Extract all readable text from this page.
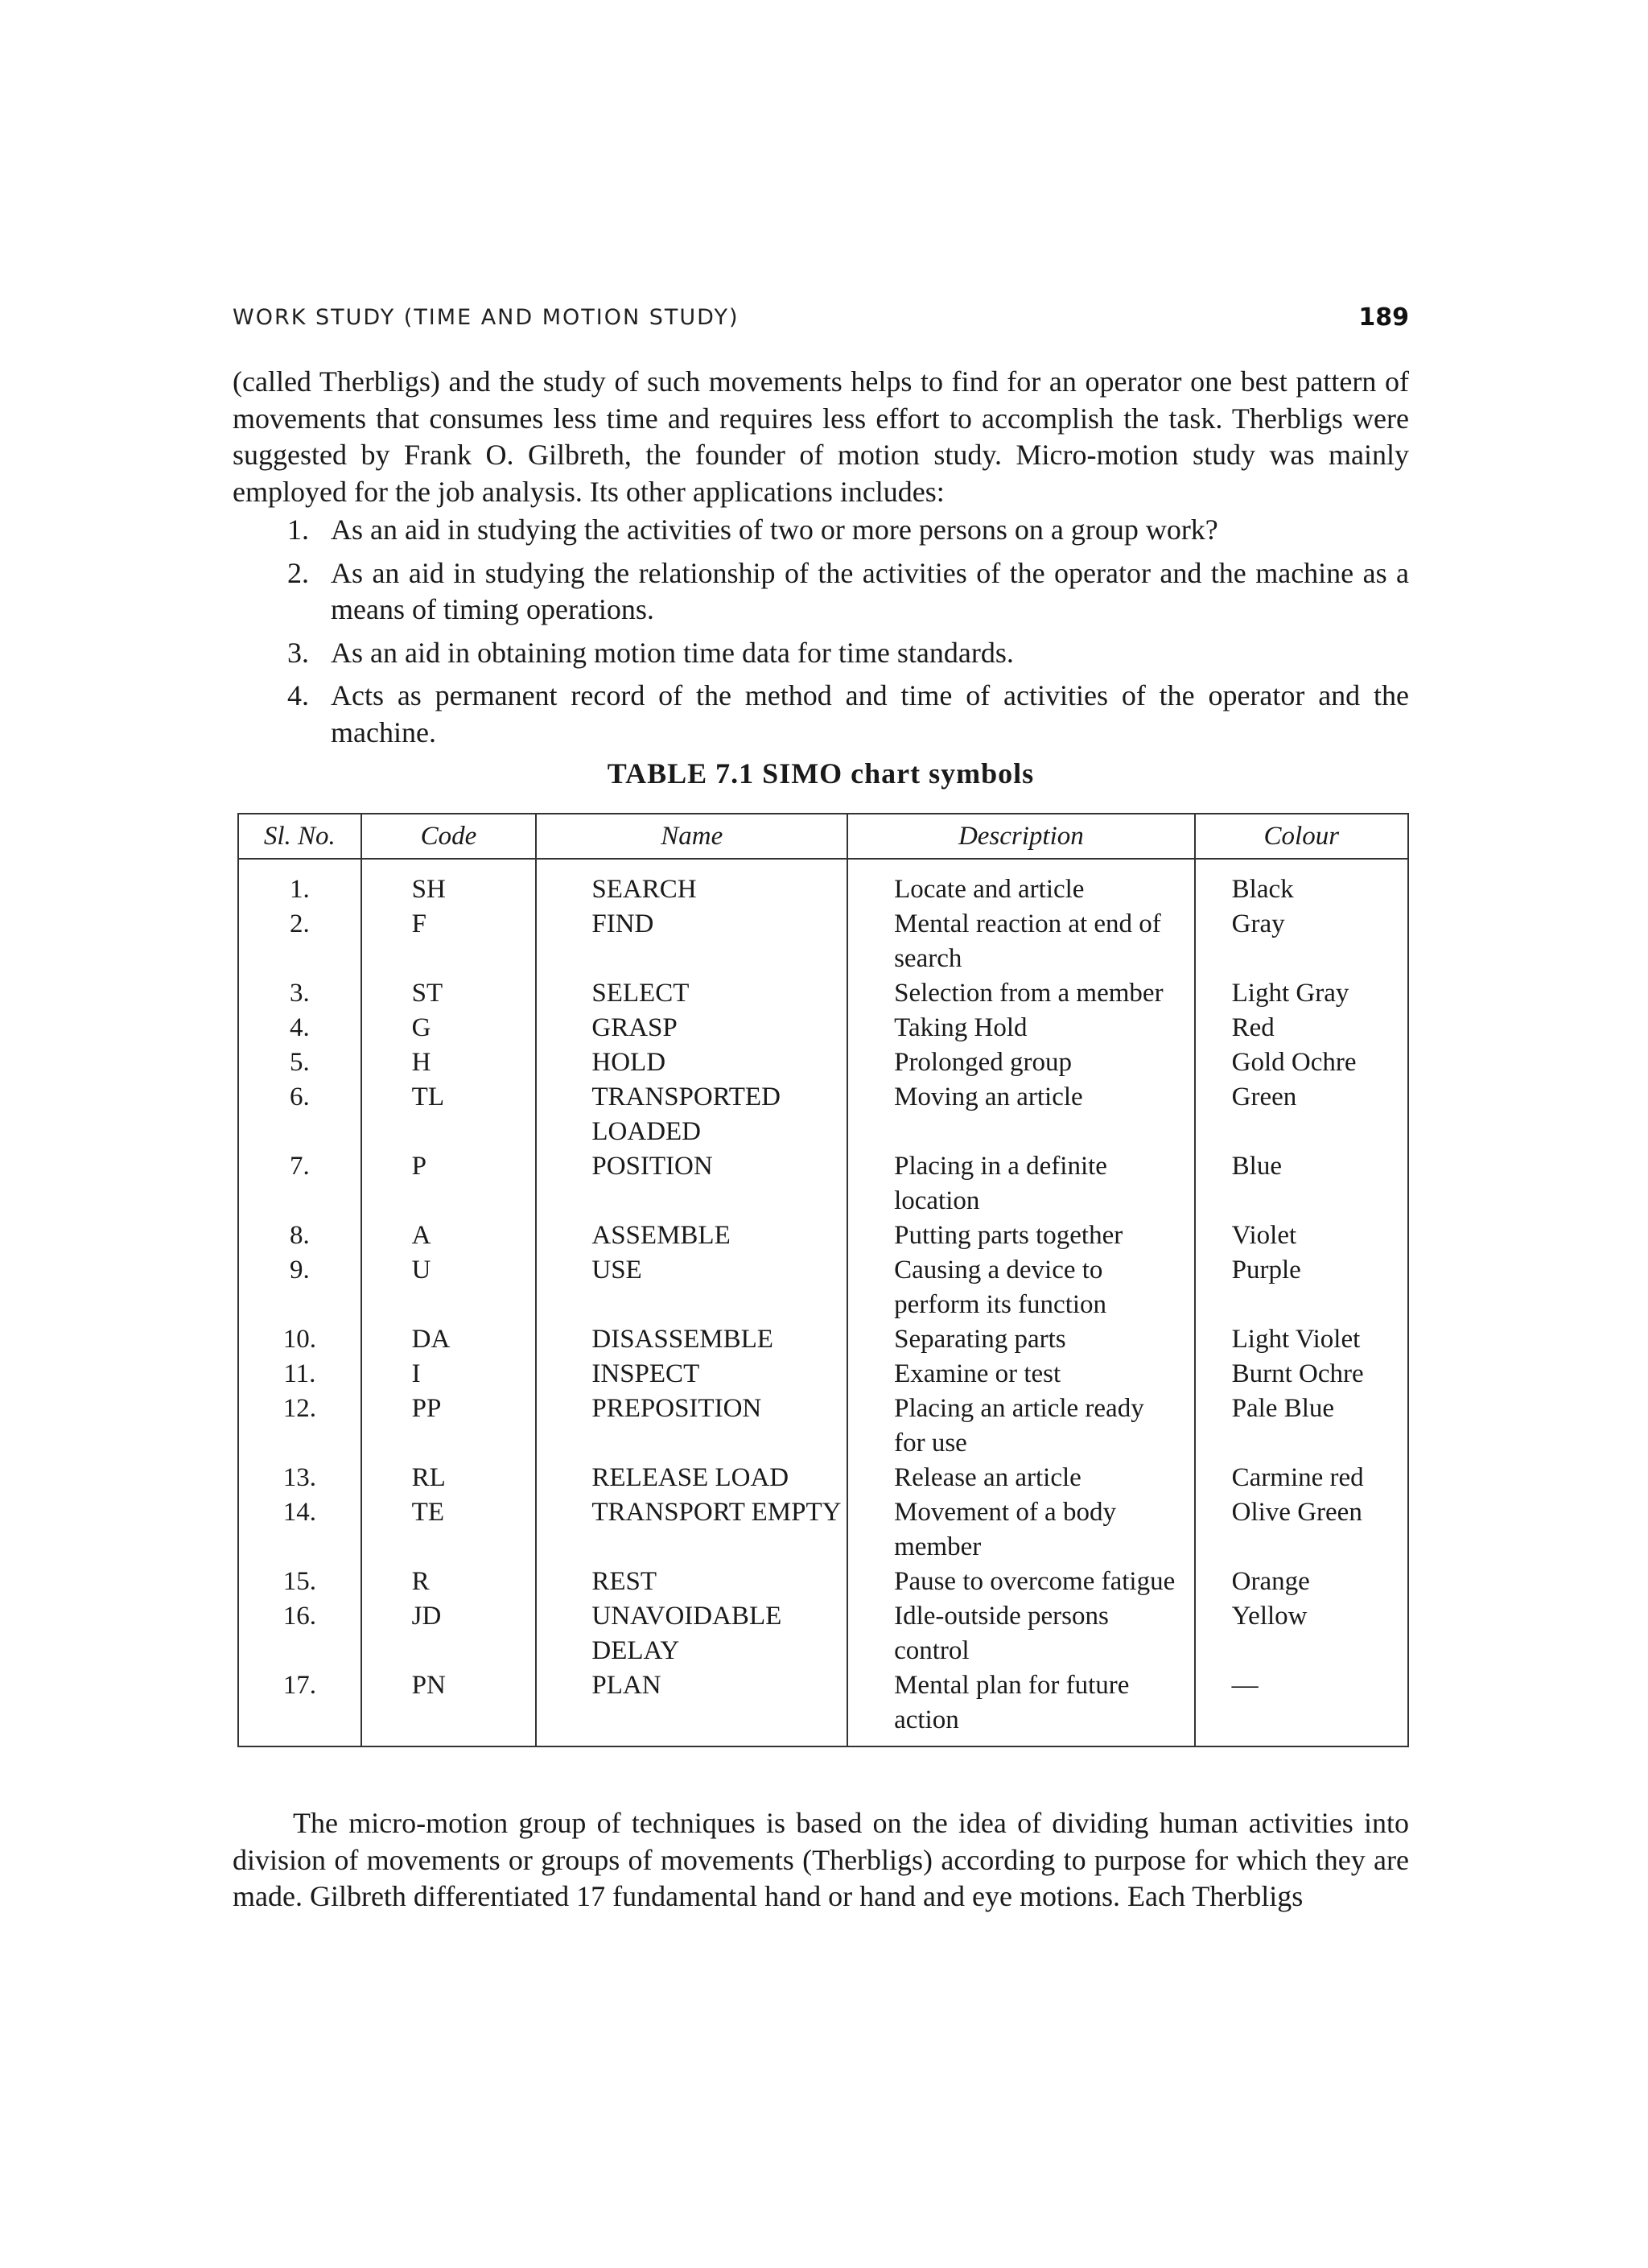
WORK STUDY (TIME AND MOTION STUDY)	189

(called Therbligs) and the study of such movements helps to find for an operator one best pattern of movements that consumes less time and requires less effort to accomplish the task. Therbligs were suggested by Frank O. Gilbreth, the founder of motion study. Micro-motion study was mainly employed for the job analysis. Its other applications includes:

1. As an aid in studying the activities of two or more persons on a group work?
2. As an aid in studying the relationship of the activities of the operator and the machine as a means of timing operations.
3. As an aid in obtaining motion time data for time standards.
4. Acts as permanent record of the method and time of activities of the operator and the machine.
TABLE 7.1 SIMO chart symbols
Sl. No.	Code	Name	Description	Colour
1.	SH	SEARCH	Locate and article	Black
2.	F	FIND	Mental reaction at end of search	Gray
3.	ST	SELECT	Selection from a member	Light Gray
4.	G	GRASP	Taking Hold	Red
5.	H	HOLD	Prolonged group	Gold Ochre
6.	TL	TRANSPORTED LOADED	Moving an article	Green
7.	P	POSITION	Placing in a definite location	Blue
8.	A	ASSEMBLE	Putting parts together	Violet
9.	U	USE	Causing a device to perform its function	Purple
10.	DA	DISASSEMBLE	Separating parts	Light Violet
11.	I	INSPECT	Examine or test	Burnt Ochre
12.	PP	PREPOSITION	Placing an article ready for use	Pale Blue
13.	RL	RELEASE LOAD	Release an article	Carmine red
14.	TE	TRANSPORT EMPTY	Movement of a body member	Olive Green
15.	R	REST	Pause to overcome fatigue	Orange
16.	JD	UNAVOIDABLE DELAY	Idle-outside persons control	Yellow
17.	PN	PLAN	Mental plan for future action	—

The micro-motion group of techniques is based on the idea of dividing human activities into division of movements or groups of movements (Therbligs) according to purpose for which they are made. Gilbreth differentiated 17 fundamental hand or hand and eye motions. Each Therbligs
